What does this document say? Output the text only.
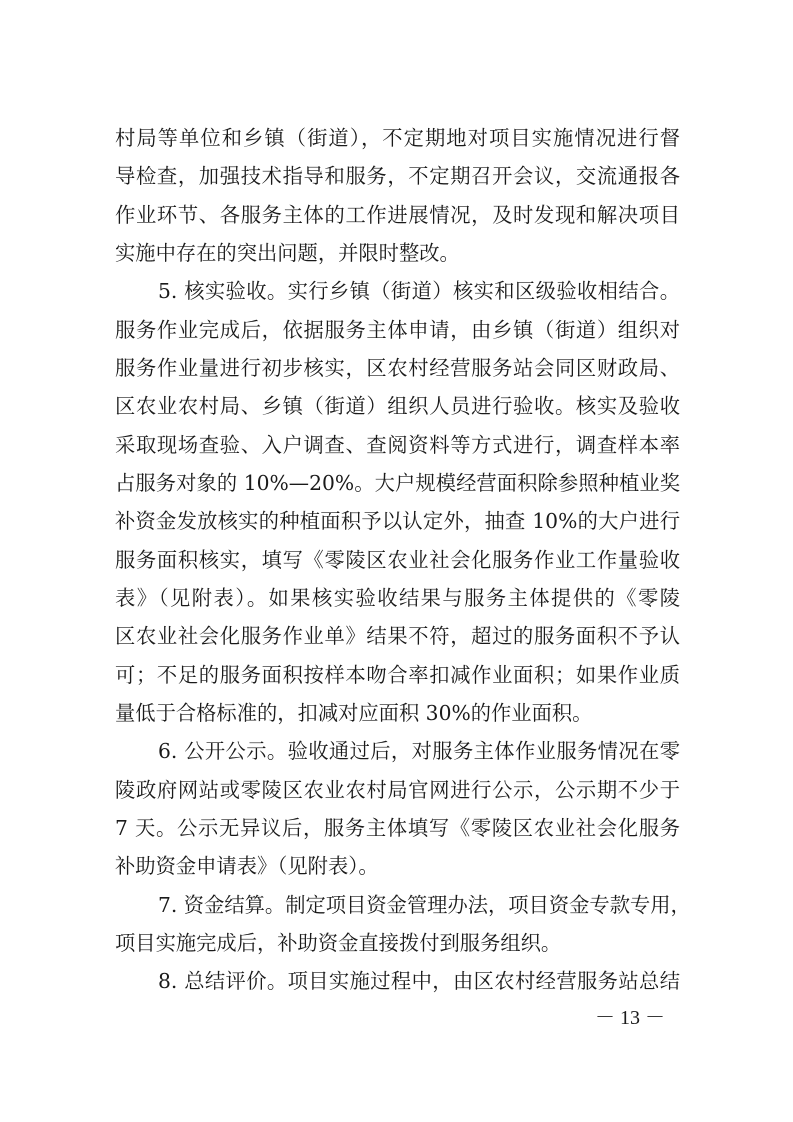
村局等单位和乡镇（街道），不定期地对项目实施情况进行督
导检查，加强技术指导和服务，不定期召开会议，交流通报各
作业环节、各服务主体的工作进展情况，及时发现和解决项目
实施中存在的突出问题，并限时整改。
5. 核实验收。实行乡镇（街道）核实和区级验收相结合。
服务作业完成后，依据服务主体申请，由乡镇（街道）组织对
服务作业量进行初步核实，区农村经营服务站会同区财政局、
区农业农村局、乡镇（街道）组织人员进行验收。核实及验收
采取现场查验、入户调查、查阅资料等方式进行，调查样本率
占服务对象的 10%—20%。大户规模经营面积除参照种植业奖
补资金发放核实的种植面积予以认定外，抽查 10%的大户进行
服务面积核实，填写《零陵区农业社会化服务作业工作量验收
表》（见附表）。如果核实验收结果与服务主体提供的《零陵
区农业社会化服务作业单》结果不符，超过的服务面积不予认
可；不足的服务面积按样本吻合率扣减作业面积；如果作业质
量低于合格标准的，扣减对应面积 30%的作业面积。
6. 公开公示。验收通过后，对服务主体作业服务情况在零
陵政府网站或零陵区农业农村局官网进行公示，公示期不少于
7 天。公示无异议后，服务主体填写《零陵区农业社会化服务
补助资金申请表》（见附表）。
7. 资金结算。制定项目资金管理办法，项目资金专款专用，
项目实施完成后，补助资金直接拨付到服务组织。
8. 总结评价。项目实施过程中，由区农村经营服务站总结
－ 13 －
